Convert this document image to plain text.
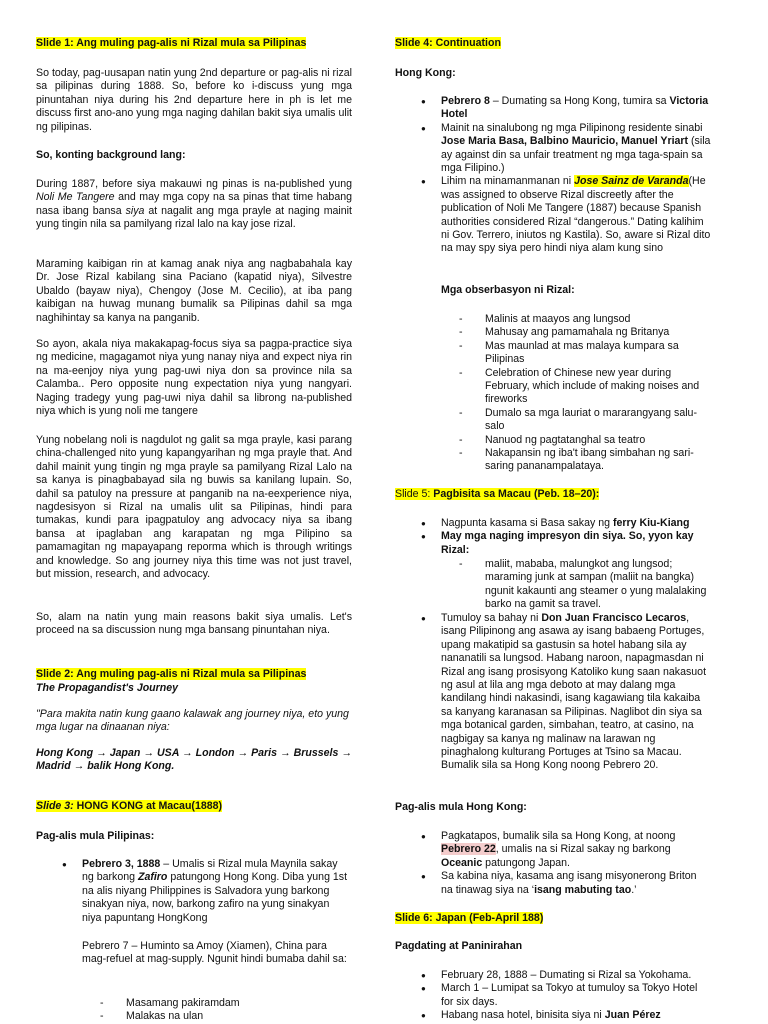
Slide 1: Ang muling pag-alis ni Rizal mula sa Pilipinas

So today, pag-uusapan natin yung 2nd departure or pag-alis ni rizal sa pilipinas during 1888. So, before ko i-discuss yung mga pinuntahan niya during his 2nd departure here in ph is let me discuss first ano-ano yung mga naging dahilan bakit siya umalis ulit ng pilipinas.

So, konting background lang:

During 1887, before siya makauwi ng pinas is na-published yung Noli Me Tangere and may mga copy na sa pinas that time habang nasa ibang bansa siya at nagalit ang mga prayle at naging mainit yung tingin nila sa pamilyang rizal lalo na kay jose rizal.

Maraming kaibigan rin at kamag anak niya ang nagbabahala kay Dr. Jose Rizal kabilang sina Paciano (kapatid niya), Silvestre Ubaldo (bayaw niya), Chengoy (Jose M. Cecilio), at iba pang kaibigan na huwag munang bumalik sa Pilipinas dahil sa mga naghihintay sa kanya na panganib.

So ayon, akala niya makakapag-focus siya sa pagpa-practice siya ng medicine, magagamot niya yung nanay niya and expect niya rin na ma-eenjoy niya yung pag-uwi niya don sa province nila sa Calamba.. Pero opposite nung expectation niya yung nangyari. Naging tradegy yung pag-uwi niya dahil sa librong na-published niya which is yung noli me tangere

Yung nobelang noli is nagdulot ng galit sa mga prayle, kasi parang china-challenged nito yung kapangyarihan ng mga prayle that. And dahil mainit yung tingin ng mga prayle sa pamilyang Rizal Lalo na sa kanya is pinagbabayad sila ng buwis sa kanilang lupain. So, dahil sa patuloy na pressure at panganib na na-eexperience niya, nagdesisyon si Rizal na umalis ulit sa Pilipinas, hindi para tumakas, kundi para ipagpatuloy ang advocacy niya sa ibang bansa at ipaglaban ang karapatan ng mga Pilipino sa pamamagitan ng mapayapang reporma which is through writings and knowledge. So ang journey niya this time was not just travel, but mission, research, and advocacy.

So, alam na natin yung main reasons bakit siya umalis. Let's proceed na sa discussion nung mga bansang pinuntahan niya.

Slide 2: Ang muling pag-alis ni Rizal mula sa Pilipinas

The Propagandist's Journey

"Para makita natin kung gaano kalawak ang journey niya, eto yung mga lugar na dinaanan niya:

Hong Kong → Japan → USA → London → Paris → Brussels → Madrid → balik Hong Kong.

Slide 3: HONG KONG at Macau(1888)

Pag-alis mula Pilipinas:

● Pebrero 3, 1888 – Umalis si Rizal mula Maynila sakay ng barkong Zafiro patungong Hong Kong. Diba yung 1st na alis niyang Philippines is Salvadora yung barkong sinakyan niya, now, barkong zafiro na yung sinakyan niya papuntang HongKong

Pebrero 7 – Huminto sa Amoy (Xiamen), China para mag-refuel at mag-supply. Ngunit hindi bumaba dahil sa:

- Masamang pakiramdam
- Malakas na ulan

Slide 4: Continuation

Hong Kong:

● Pebrero 8 – Dumating sa Hong Kong, tumira sa Victoria Hotel
● Mainit na sinalubong ng mga Pilipinong residente sinabi Jose Maria Basa, Balbino Mauricio, Manuel Yriart (sila ay against din sa unfair treatment ng mga taga-spain sa mga Filipino.)
● Lihim na minamanmanan ni Jose Sainz de Varanda(He was assigned to observe Rizal discreetly after the publication of Noli Me Tangere (1887) because Spanish authorities considered Rizal “dangerous.” Dating kalihim ni Gov. Terrero, iniutos ng Kastila). So, aware si Rizal dito na may spy siya pero hindi niya alam kung sino

Mga obserbasyon ni Rizal:

- Malinis at maayos ang lungsod
- Mahusay ang pamamahala ng Britanya
- Mas maunlad at mas malaya kumpara sa Pilipinas
- Celebration of Chinese new year during February, which include of making noises and fireworks
- Dumalo sa mga lauriat o mararangyang salu-salo
- Nanuod ng pagtatanghal sa teatro
- Nakapansin ng iba't ibang simbahan ng sari-saring pananampalataya.

Slide 5: Pagbisita sa Macau (Peb. 18–20):

● Nagpunta kasama si Basa sakay ng ferry Kiu-Kiang
● May mga naging impresyon din siya. So, yyon kay Rizal:
- maliit, mababa, malungkot ang lungsod; maraming junk at sampan (maliit na bangka) ngunit kakaunti ang steamer o yung malalaking barko na gamit sa travel.
● Tumuloy sa bahay ni Don Juan Francisco Lecaros, isang Pilipinong ang asawa ay isang babaeng Portuges, upang makatipid sa gastusin sa hotel habang sila ay nananatili sa lungsod. Habang naroon, napagmasdan ni Rizal ang isang prosisyong Katoliko kung saan nakasuot ng asul at lila ang mga deboto at may dalang mga kandilang hindi nakasindi, isang kagawiang tila kakaiba sa kanyang karanasan sa Pilipinas. Naglibot din siya sa mga botanical garden, simbahan, teatro, at casino, na nagbigay sa kanya ng malinaw na larawan ng pinaghalong kulturang Portuges at Tsino sa Macau. Bumalik sila sa Hong Kong noong Pebrero 20.

Pag-alis mula Hong Kong:

● Pagkatapos, bumalik sila sa Hong Kong, at noong Pebrero 22, umalis na si Rizal sakay ng barkong Oceanic patungong Japan.
● Sa kabina niya, kasama ang isang misyonerong Briton na tinawag siya na ‘isang mabuting tao.’

Slide 6: Japan (Feb-April 188)

Pagdating at Paninirahan

● February 28, 1888 – Dumating si Rizal sa Yokohama.
● March 1 – Lumipat sa Tokyo at tumuloy sa Tokyo Hotel for six days.
● Habang nasa hotel, binisita siya ni Juan Pérez
